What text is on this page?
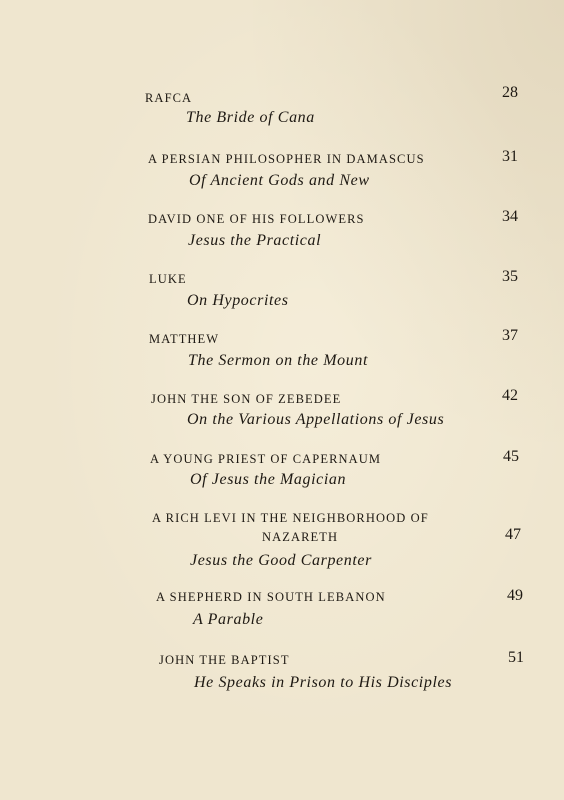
RAFCA	28
The Bride of Cana
A PERSIAN PHILOSOPHER IN DAMASCUS	31
Of Ancient Gods and New
DAVID ONE OF HIS FOLLOWERS	34
Jesus the Practical
LUKE	35
On Hypocrites
MATTHEW	37
The Sermon on the Mount
JOHN THE SON OF ZEBEDEE	42
On the Various Appellations of Jesus
A YOUNG PRIEST OF CAPERNAUM	45
Of Jesus the Magician
A RICH LEVI IN THE NEIGHBORHOOD OF
NAZARETH	47
Jesus the Good Carpenter
A SHEPHERD IN SOUTH LEBANON	49
A Parable
JOHN THE BAPTIST	51
He Speaks in Prison to His Disciples
